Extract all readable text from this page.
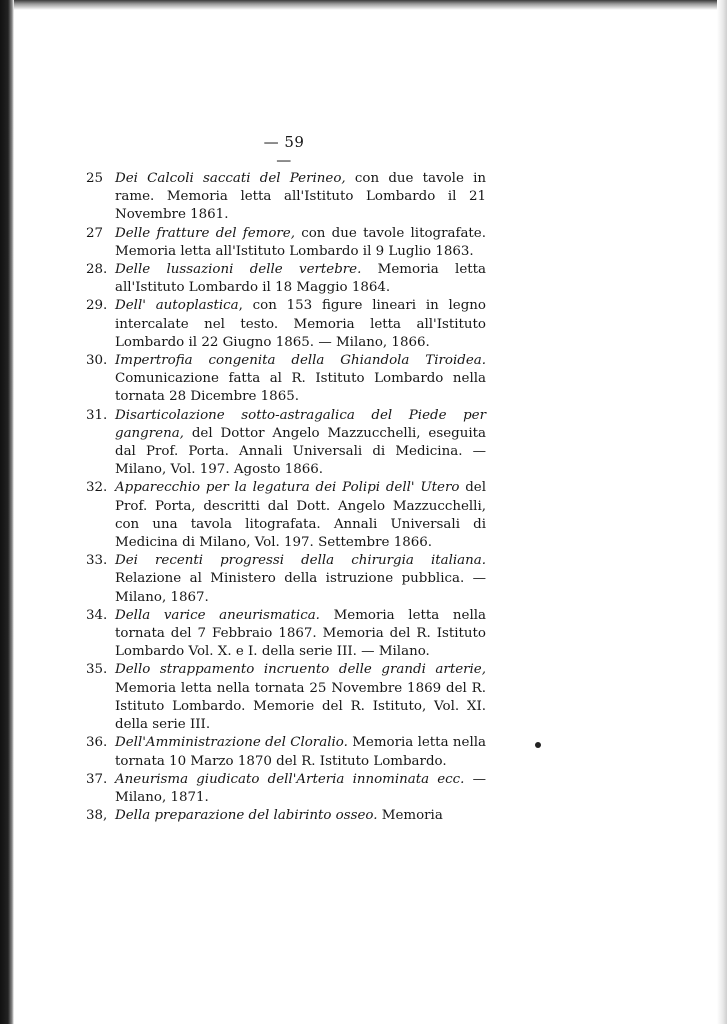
— 59 —
25 Dei Calcoli saccati del Perineo, con due tavole in rame. Memoria letta all'Istituto Lombardo il 21 Novembre 1861.
27 Delle fratture del femore, con due tavole litografate. Memoria letta all'Istituto Lombardo il 9 Luglio 1863.
28. Delle lussazioni delle vertebre. Memoria letta all'Istituto Lombardo il 18 Maggio 1864.
29. Dell' autoplastica, con 153 figure lineari in legno intercalate nel testo. Memoria letta all'Istituto Lombardo il 22 Giugno 1865. — Milano, 1866.
30. Impertrofia congenita della Ghiandola Tiroidea. Comunicazione fatta al R. Istituto Lombardo nella tornata 28 Dicembre 1865.
31. Disarticolazione sotto-astragalica del Piede per gangrena, del Dottor Angelo Mazzucchelli, eseguita dal Prof. Porta. Annali Universali di Medicina. — Milano, Vol. 197. Agosto 1866.
32. Apparecchio per la legatura dei Polipi dell' Utero del Prof. Porta, descritti dal Dott. Angelo Mazzucchelli, con una tavola litografata. Annali Universali di Medicina di Milano, Vol. 197. Settembre 1866.
33. Dei recenti progressi della chirurgia italiana. Relazione al Ministero della istruzione pubblica. — Milano, 1867.
34. Della varice aneurismatica. Memoria letta nella tornata del 7 Febbraio 1867. Memoria del R. Istituto Lombardo Vol. X. e I. della serie III. — Milano.
35. Dello strappamento incruento delle grandi arterie, Memoria letta nella tornata 25 Novembre 1869 del R. Istituto Lombardo. Memorie del R. Istituto, Vol. XI. della serie III.
36. Dell'Amministrazione del Cloralio. Memoria letta nella tornata 10 Marzo 1870 del R. Istituto Lombardo.
37. Aneurisma giudicato dell'Arteria innominata ecc. — Milano, 1871.
38, Della preparazione del labirinto osseo. Memoria
